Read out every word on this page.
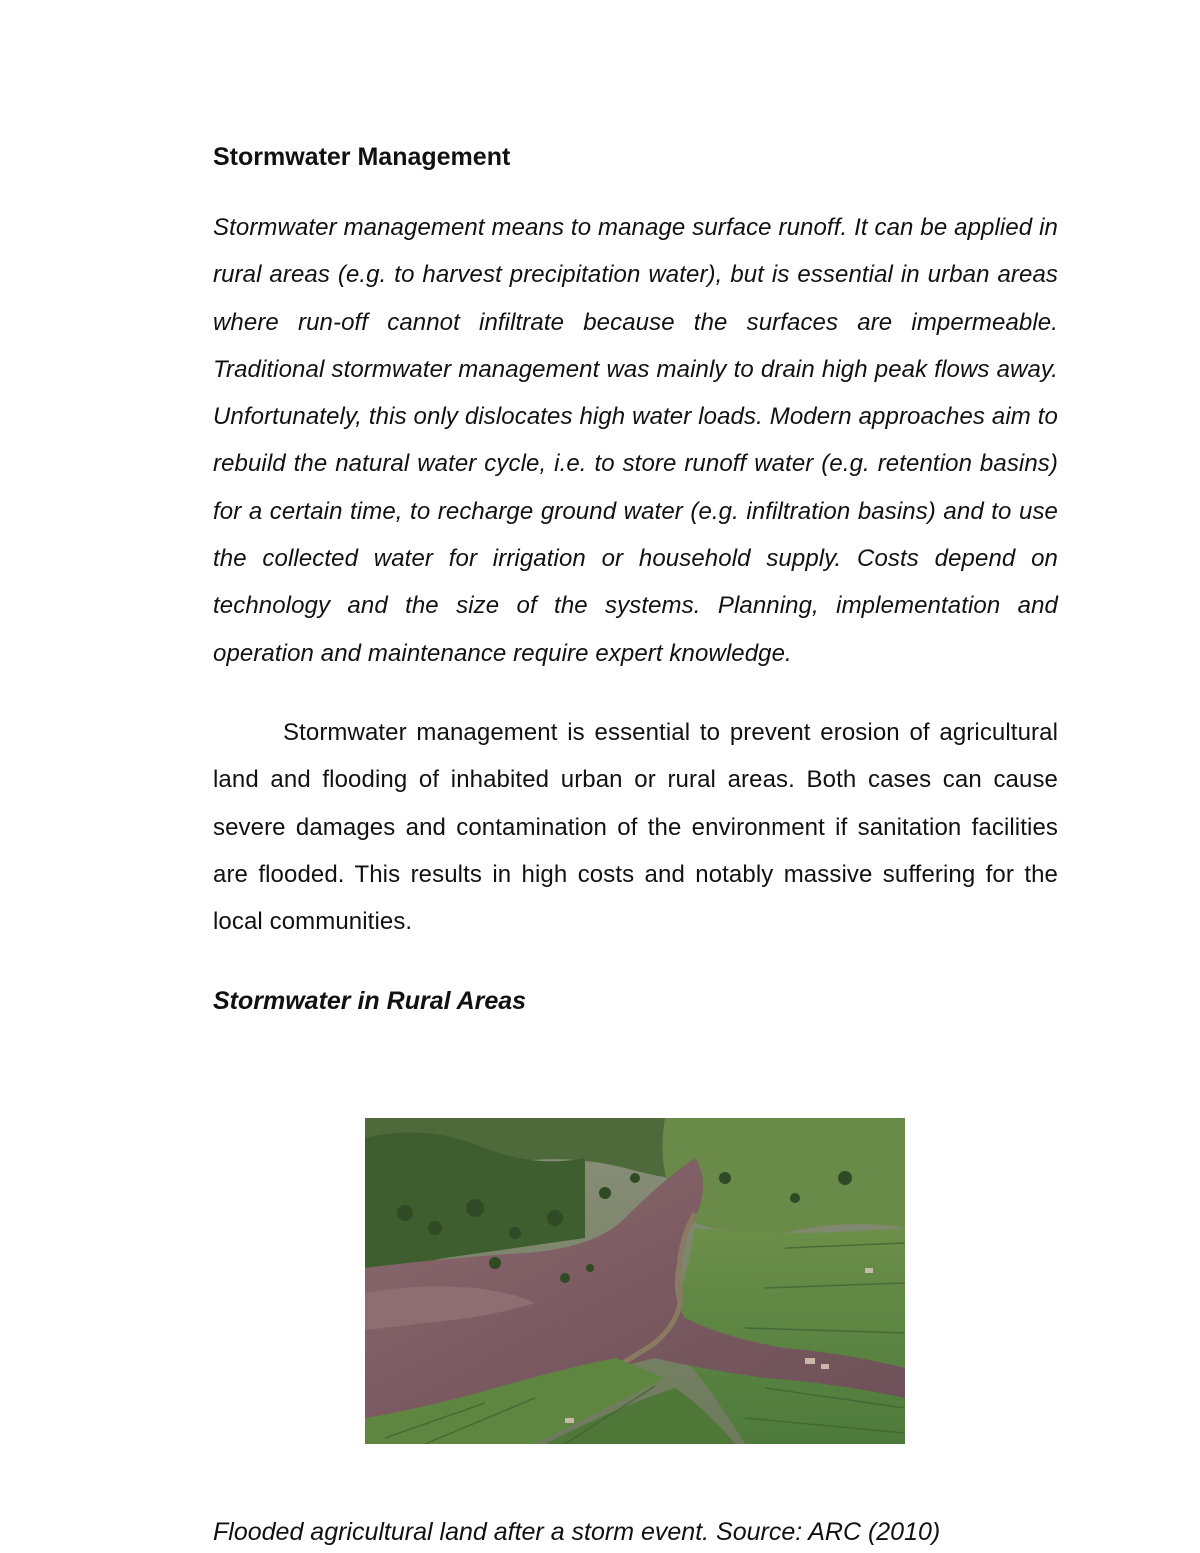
Stormwater Management

Stormwater management means to manage surface runoff. It can be applied in rural areas (e.g. to harvest precipitation water), but is essential in urban areas where run-off cannot infiltrate because the surfaces are impermeable. Traditional stormwater management was mainly to drain high peak flows away. Unfortunately, this only dislocates high water loads. Modern approaches aim to rebuild the natural water cycle, i.e. to store runoff water (e.g. retention basins) for a certain time, to recharge ground water (e.g. infiltration basins) and to use the collected water for irrigation or household supply. Costs depend on technology and the size of the systems. Planning, implementation and operation and maintenance require expert knowledge.

Stormwater management is essential to prevent erosion of agricultural land and flooding of inhabited urban or rural areas. Both cases can cause severe damages and contamination of the environment if sanitation facilities are flooded. This results in high costs and notably massive suffering for the local communities.

Stormwater in Rural Areas

Flooded agricultural land after a storm event. Source: ARC (2010)
